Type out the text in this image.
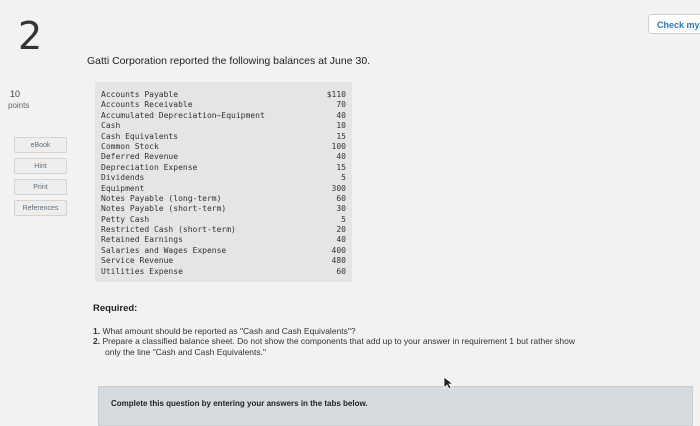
2	Check my
10
points
eBook
Hint
Print
References
Gatti Corporation reported the following balances at June 30.
Accounts Payable
Accounts Receivable
Accumulated Depreciation–Equipment
Cash
Cash Equivalents
Common Stock
Deferred Revenue
Depreciation Expense
Dividends
Equipment
Notes Payable (long-term)
Notes Payable (short-term)
Petty Cash
Restricted Cash (short-term)
Retained Earnings
Salaries and Wages Expense
Service Revenue
Utilities Expense
$110
70
40
10
15
100
40
15
5
300
60
30
5
20
40
400
480
60
Required:
1. What amount should be reported as "Cash and Cash Equivalents"?
2. Prepare a classified balance sheet. Do not show the components that add up to your answer in requirement 1 but rather show
only the line "Cash and Cash Equivalents."
Complete this question by entering your answers in the tabs below.
